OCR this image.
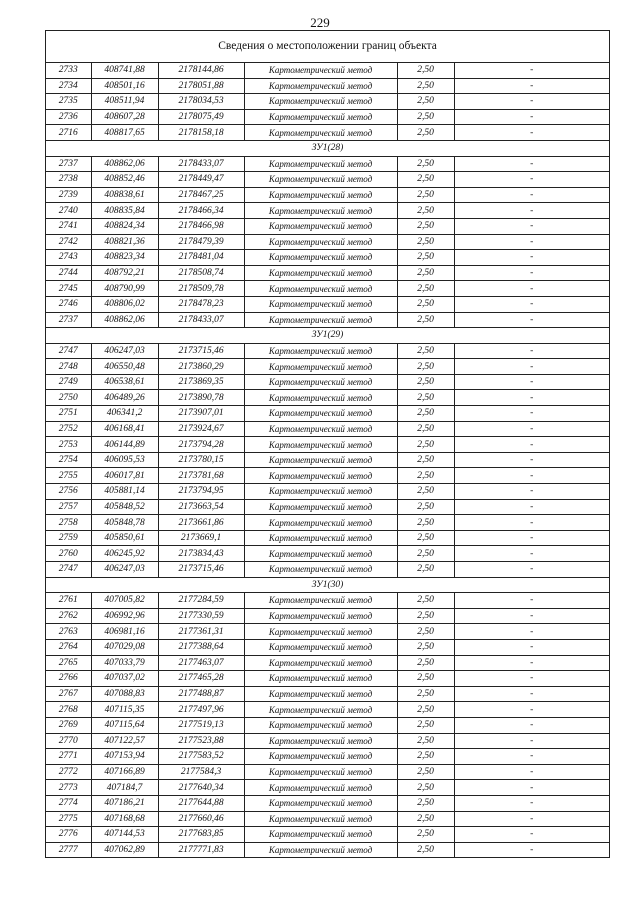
229
Сведения о местоположении границ объекта
2733	408741,88	2178144,86	Картометрический метод	2,50	-
2734	408501,16	2178051,88	Картометрический метод	2,50	-
2735	408511,94	2178034,53	Картометрический метод	2,50	-
2736	408607,28	2178075,49	Картометрический метод	2,50	-
2716	408817,65	2178158,18	Картометрический метод	2,50	-
ЗУ1(28)					
2737	408862,06	2178433,07	Картометрический метод	2,50	-
2738	408852,46	2178449,47	Картометрический метод	2,50	-
2739	408838,61	2178467,25	Картометрический метод	2,50	-
2740	408835,84	2178466,34	Картометрический метод	2,50	-
2741	408824,34	2178466,98	Картометрический метод	2,50	-
2742	408821,36	2178479,39	Картометрический метод	2,50	-
2743	408823,34	2178481,04	Картометрический метод	2,50	-
2744	408792,21	2178508,74	Картометрический метод	2,50	-
2745	408790,99	2178509,78	Картометрический метод	2,50	-
2746	408806,02	2178478,23	Картометрический метод	2,50	-
2737	408862,06	2178433,07	Картометрический метод	2,50	-
ЗУ1(29)					
2747	406247,03	2173715,46	Картометрический метод	2,50	-
2748	406550,48	2173860,29	Картометрический метод	2,50	-
2749	406538,61	2173869,35	Картометрический метод	2,50	-
2750	406489,26	2173890,78	Картометрический метод	2,50	-
2751	406341,2	2173907,01	Картометрический метод	2,50	-
2752	406168,41	2173924,67	Картометрический метод	2,50	-
2753	406144,89	2173794,28	Картометрический метод	2,50	-
2754	406095,53	2173780,15	Картометрический метод	2,50	-
2755	406017,81	2173781,68	Картометрический метод	2,50	-
2756	405881,14	2173794,95	Картометрический метод	2,50	-
2757	405848,52	2173663,54	Картометрический метод	2,50	-
2758	405848,78	2173661,86	Картометрический метод	2,50	-
2759	405850,61	2173669,1	Картометрический метод	2,50	-
2760	406245,92	2173834,43	Картометрический метод	2,50	-
2747	406247,03	2173715,46	Картометрический метод	2,50	-
ЗУ1(30)					
2761	407005,82	2177284,59	Картометрический метод	2,50	-
2762	406992,96	2177330,59	Картометрический метод	2,50	-
2763	406981,16	2177361,31	Картометрический метод	2,50	-
2764	407029,08	2177388,64	Картометрический метод	2,50	-
2765	407033,79	2177463,07	Картометрический метод	2,50	-
2766	407037,02	2177465,28	Картометрический метод	2,50	-
2767	407088,83	2177488,87	Картометрический метод	2,50	-
2768	407115,35	2177497,96	Картометрический метод	2,50	-
2769	407115,64	2177519,13	Картометрический метод	2,50	-
2770	407122,57	2177523,88	Картометрический метод	2,50	-
2771	407153,94	2177583,52	Картометрический метод	2,50	-
2772	407166,89	2177584,3	Картометрический метод	2,50	-
2773	407184,7	2177640,34	Картометрический метод	2,50	-
2774	407186,21	2177644,88	Картометрический метод	2,50	-
2775	407168,68	2177660,46	Картометрический метод	2,50	-
2776	407144,53	2177683,85	Картометрический метод	2,50	-
2777	407062,89	2177771,83	Картометрический метод	2,50	-
